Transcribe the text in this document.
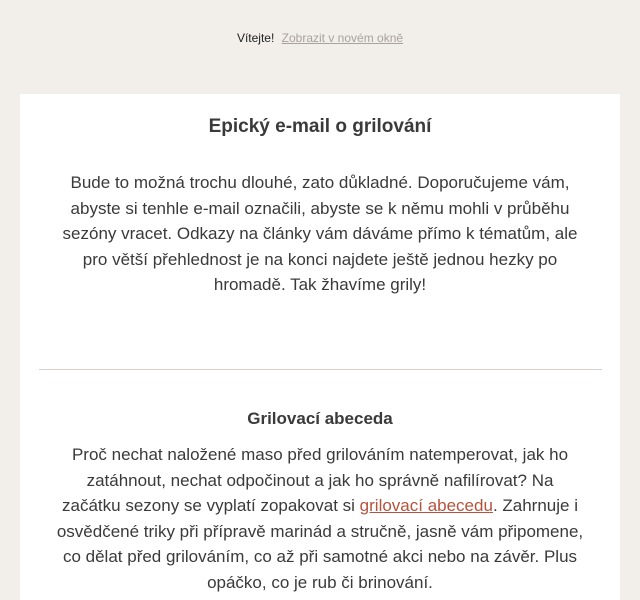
Vítejte! Zobrazit v novém okně
Epický e-mail o grilování

Bude to možná trochu dlouhé, zato důkladné. Doporučujeme vám, abyste si tenhle e-mail označili, abyste se k němu mohli v průběhu sezóny vracet. Odkazy na články vám dáváme přímo k tématům, ale pro větší přehlednost je na konci najdete ještě jednou hezky po hromadě. Tak žhavíme grily!

Grilovací abeceda

Proč nechat naložené maso před grilováním natemperovat, jak ho zatáhnout, nechat odpočinout a jak ho správně nafilírovat? Na začátku sezony se vyplatí zopakovat si grilovací abecedu. Zahrnuje i osvědčené triky při přípravě marinád a stručně, jasně vám připomene, co dělat před grilováním, co až při samotné akci nebo na závěr. Plus opáčko, co je rub či brinování.
